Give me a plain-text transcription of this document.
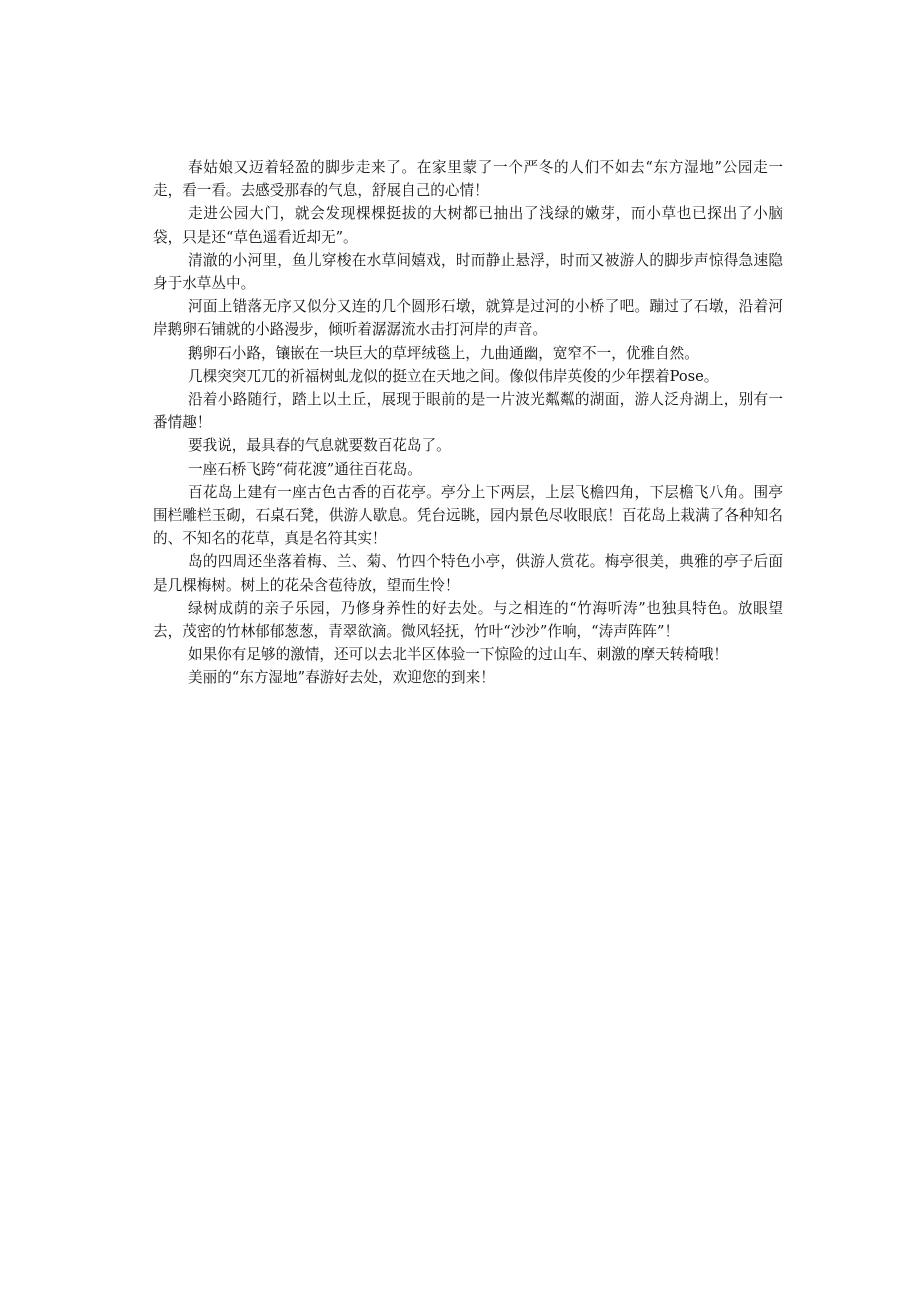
春姑娘又迈着轻盈的脚步走来了。在家里蒙了一个严冬的人们不如去“东方湿地”公园走一走，看一看。去感受那春的气息，舒展自己的心情！

走进公园大门，就会发现棵棵挺拔的大树都已抽出了浅绿的嫩芽，而小草也已探出了小脑袋，只是还“草色遥看近却无”。

清澈的小河里，鱼儿穿梭在水草间嬉戏，时而静止悬浮，时而又被游人的脚步声惊得急速隐身于水草丛中。

河面上错落无序又似分又连的几个圆形石墩，就算是过河的小桥了吧。蹦过了石墩，沿着河岸鹅卵石铺就的小路漫步，倾听着潺潺流水击打河岸的声音。

鹅卵石小路，镶嵌在一块巨大的草坪绒毯上，九曲通幽，宽窄不一，优雅自然。

几棵突突兀兀的祈福树虬龙似的挺立在天地之间。像似伟岸英俊的少年摆着Pose。

沿着小路随行，踏上以土丘，展现于眼前的是一片波光粼粼的湖面，游人泛舟湖上，别有一番情趣！

要我说，最具春的气息就要数百花岛了。

一座石桥飞跨“荷花渡”通往百花岛。

百花岛上建有一座古色古香的百花亭。亭分上下两层，上层飞檐四角，下层檐飞八角。围亭围栏雕栏玉砌，石桌石凳，供游人歇息。凭台远眺，园内景色尽收眼底！百花岛上栽满了各种知名的、不知名的花草，真是名符其实！

岛的四周还坐落着梅、兰、菊、竹四个特色小亭，供游人赏花。梅亭很美，典雅的亭子后面是几棵梅树。树上的花朵含苞待放，望而生怜！

绿树成荫的亲子乐园，乃修身养性的好去处。与之相连的“竹海听涛”也独具特色。放眼望去，茂密的竹林郁郁葱葱，青翠欲滴。微风轻抚，竹叶“沙沙”作响，“涛声阵阵”！

如果你有足够的激情，还可以去北半区体验一下惊险的过山车、刺激的摩天转椅哦！

美丽的“东方湿地”春游好去处，欢迎您的到来！
